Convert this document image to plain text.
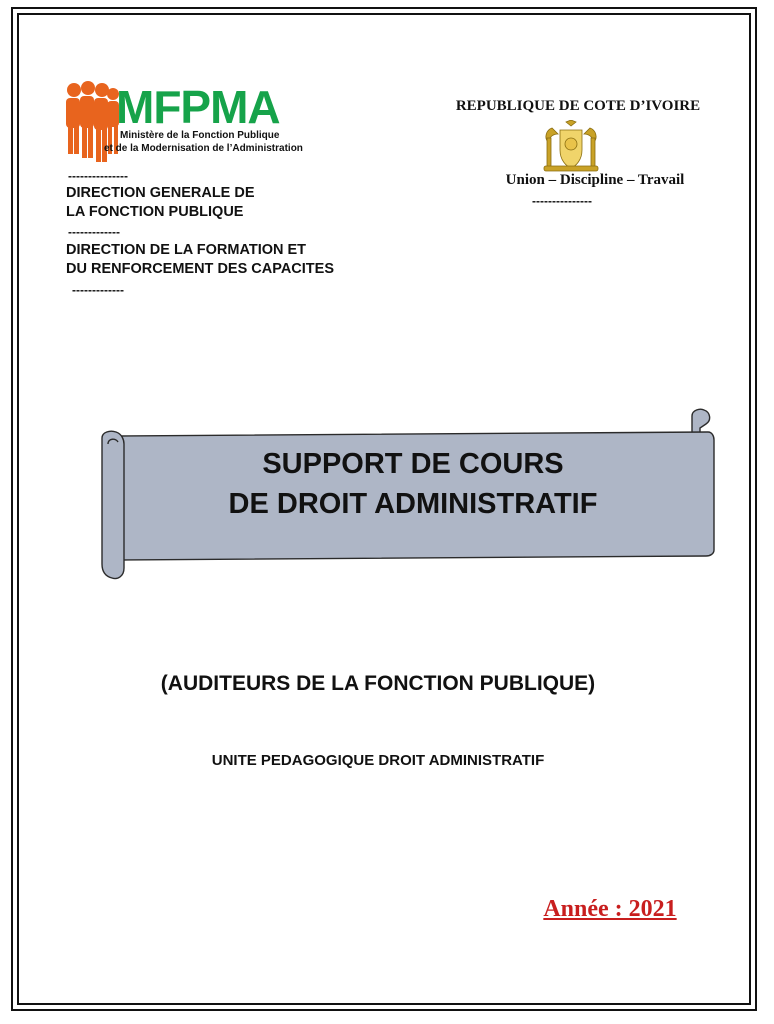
MFPMA
Ministère de la Fonction Publique
et de la Modernisation de l’Administration
---------------
DIRECTION GENERALE DE
LA FONCTION PUBLIQUE
-------------
DIRECTION DE LA FORMATION ET
DU RENFORCEMENT DES CAPACITES
-------------
REPUBLIQUE DE COTE D’IVOIRE
Union – Discipline – Travail
---------------
SUPPORT DE COURS
DE DROIT ADMINISTRATIF
(AUDITEURS DE LA FONCTION PUBLIQUE)
UNITE PEDAGOGIQUE DROIT ADMINISTRATIF
Année : 2021
